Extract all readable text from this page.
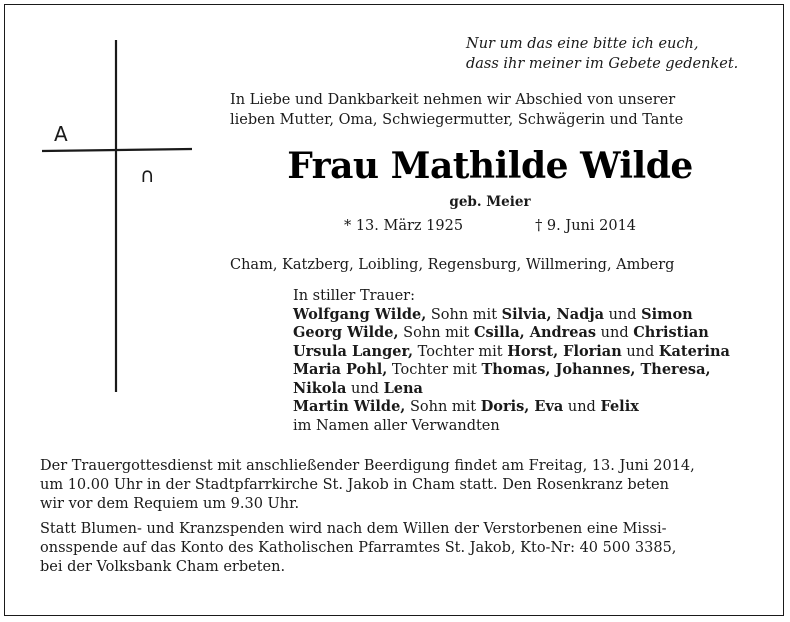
A
∩
Nur um das eine bitte ich euch,
dass ihr meiner im Gebete gedenket.
In Liebe und Dankbarkeit nehmen wir Abschied von unserer
lieben Mutter, Oma, Schwiegermutter, Schwägerin und Tante
Frau Mathilde Wilde
geb. Meier
* 13. März 1925	† 9. Juni 2014
Cham, Katzberg, Loibling, Regensburg, Willmering, Amberg
In stiller Trauer:
Wolfgang Wilde, Sohn mit Silvia, Nadja und Simon
Georg Wilde, Sohn mit Csilla, Andreas und Christian
Ursula Langer, Tochter mit Horst, Florian und Katerina
Maria Pohl, Tochter mit Thomas, Johannes, Theresa,
Nikola und Lena
Martin Wilde, Sohn mit Doris, Eva und Felix
im Namen aller Verwandten
Der Trauergottesdienst mit anschließender Beerdigung findet am Freitag, 13. Juni 2014,
um 10.00 Uhr in der Stadtpfarrkirche St. Jakob in Cham statt. Den Rosenkranz beten
wir vor dem Requiem um 9.30 Uhr.
Statt Blumen- und Kranzspenden wird nach dem Willen der Verstorbenen eine Missi-
onsspende auf das Konto des Katholischen Pfarramtes St. Jakob, Kto-Nr: 40 500 3385,
bei der Volksbank Cham erbeten.
